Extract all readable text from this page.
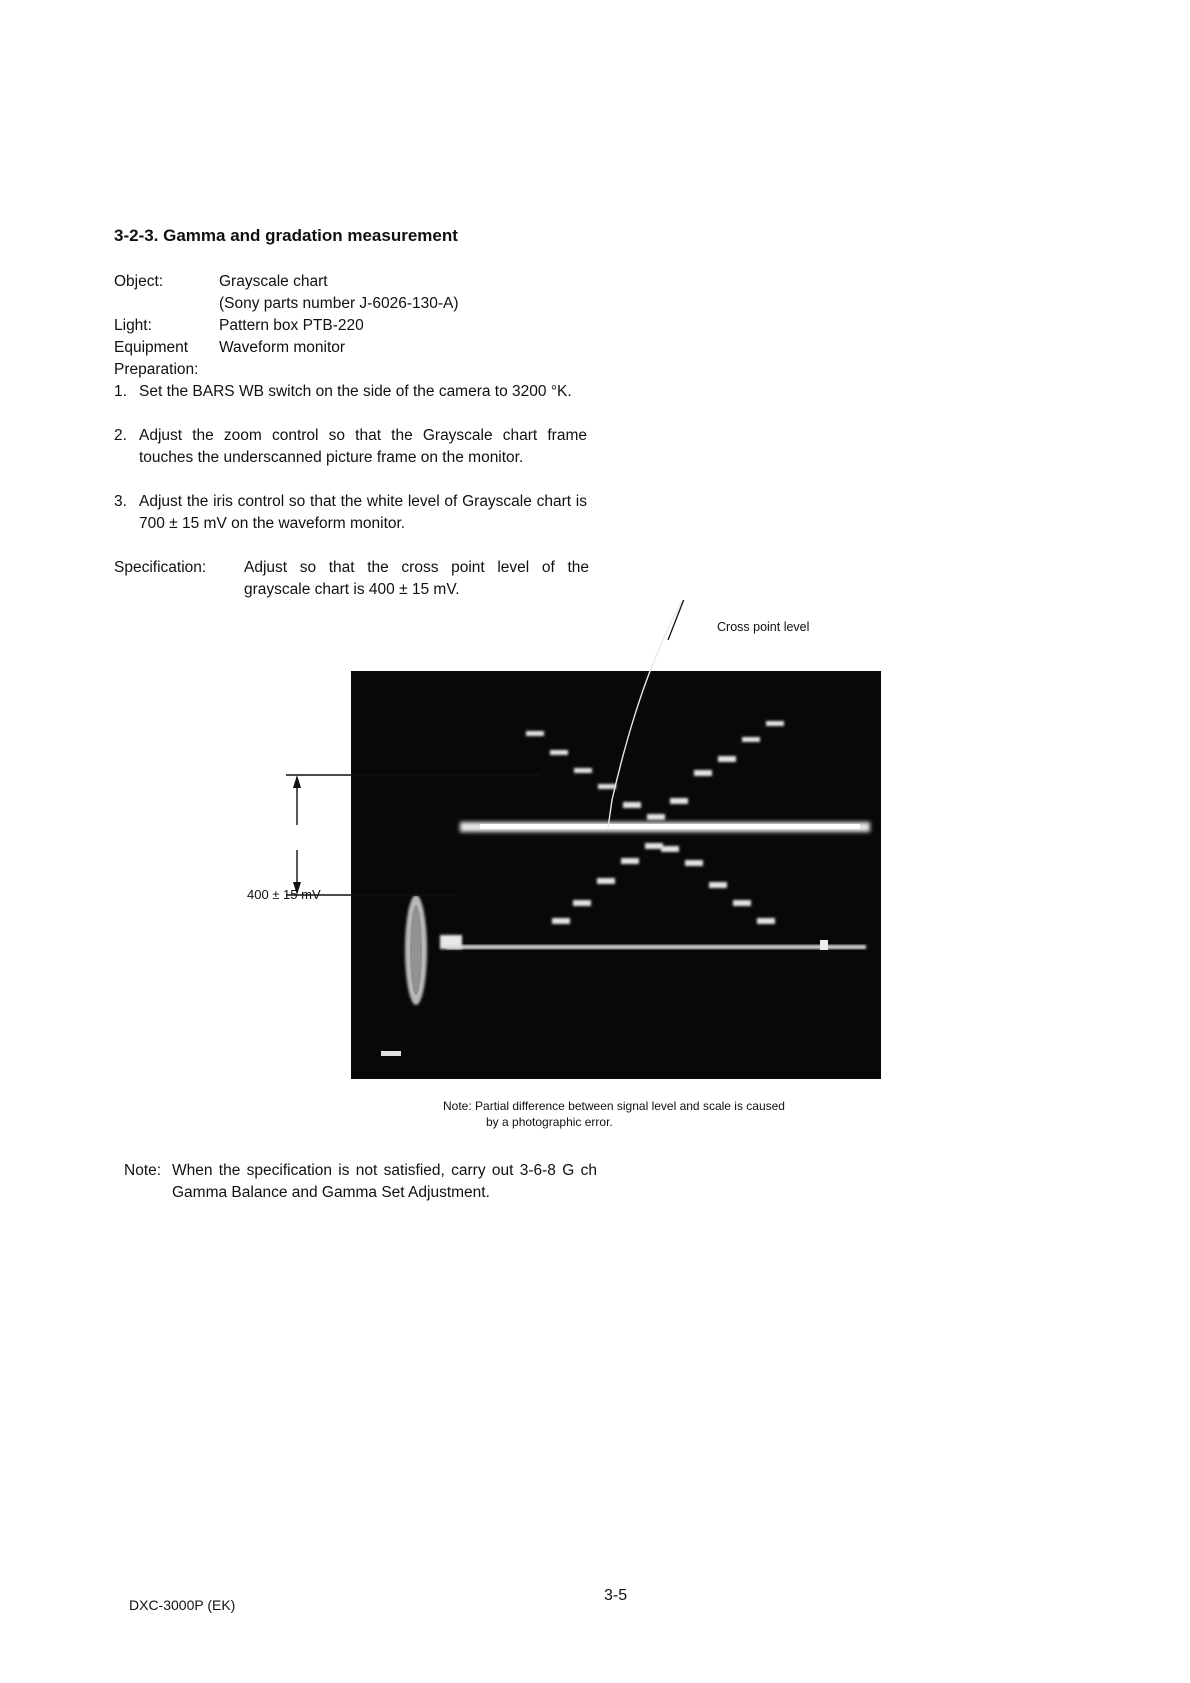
3-2-3. Gamma and gradation measurement
Object:	Grayscale chart
(Sony parts number J-6026-130-A)
Light:	Pattern box PTB-220
Equipment Waveform monitor
Preparation:
1. Set the BARS WB switch on the side of the camera to 3200 °K.
2. Adjust the zoom control so that the Grayscale chart frame touches the underscanned picture frame on the monitor.
3. Adjust the iris control so that the white level of Grayscale chart is 700 ± 15 mV on the waveform monitor.
Specification: Adjust so that the cross point level of the grayscale chart is 400 ± 15 mV.
Cross point level
400 ± 15 mV
Note: Partial difference between signal level and scale is caused
by a photographic error.
Note: When the specification is not satisfied, carry out 3-6-8 G ch Gamma Balance and Gamma Set Adjustment.
DXC-3000P (EK)
3-5
